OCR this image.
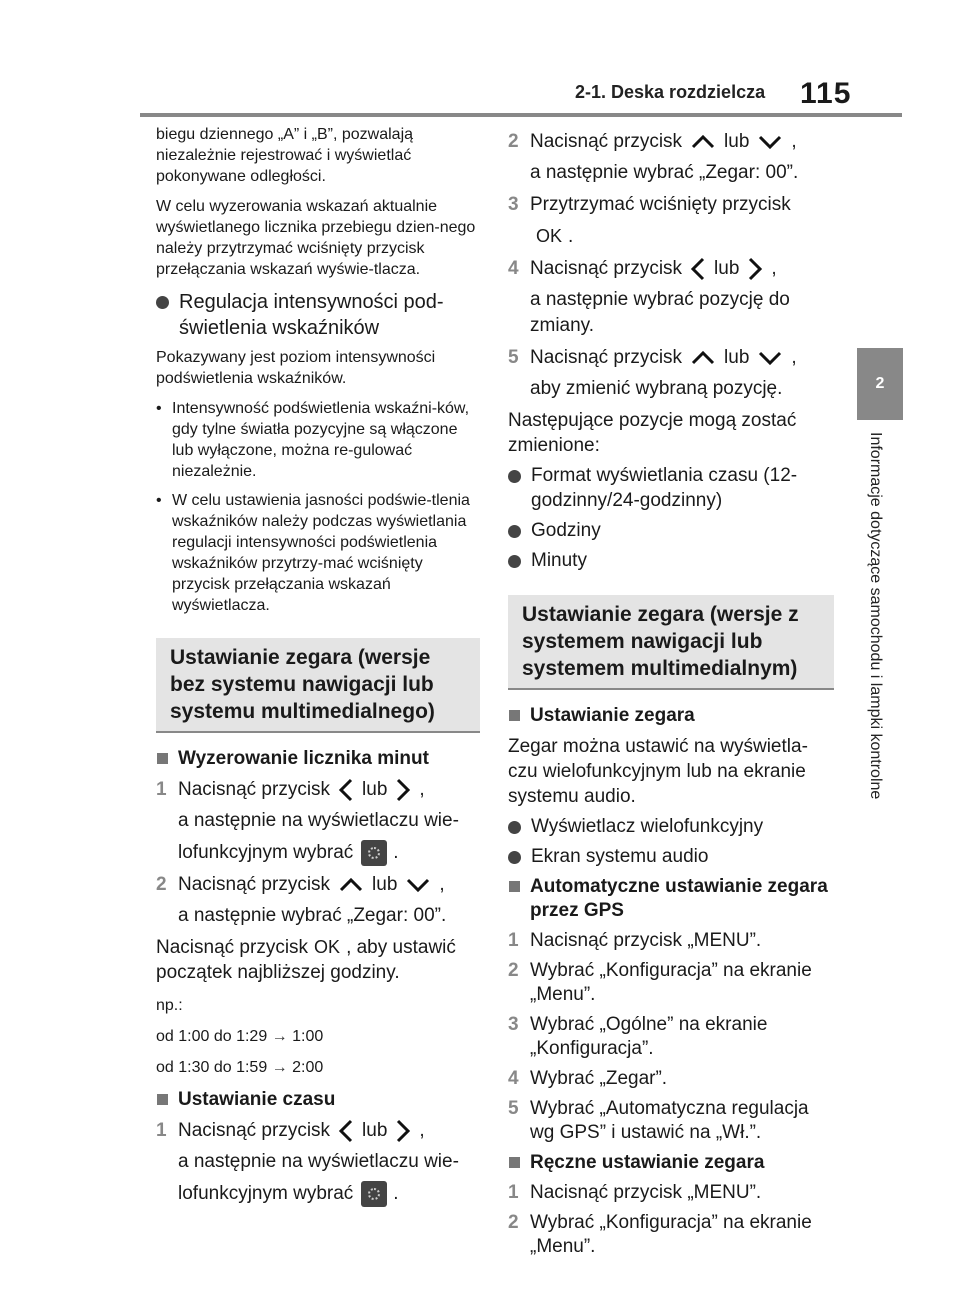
2-1. Deska rozdzielcza 115
2
Informacje dotyczące samochodu i lampki kontrolne

biegu dziennego „A” i „B”, pozwalają niezależnie rejestrować i wyświetlać pokonywane odległości.

W celu wyzerowania wskazań aktualnie wyświetlanego licznika przebiegu dzien-nego należy przytrzymać wciśnięty przycisk przełączania wskazań wyświe-tlacza.

Regulacja intensywności pod-świetlenia wskaźników

Pokazywany jest poziom intensywności podświetlenia wskaźników.

• Intensywność podświetlenia wskaźni-ków, gdy tylne światła pozycyjne są włączone lub wyłączone, można re-gulować niezależnie.
• W celu ustawienia jasności podświe-tlenia wskaźników należy podczas wyświetlania regulacji intensywności podświetlenia wskaźników przytrzy-mać wciśnięty przycisk przełączania wskazań wyświetlacza.
Ustawianie zegara (wersje bez systemu nawigacji lub systemu multimedialnego)
Wyzerowanie licznika minut
1 Nacisnąć przycisk lub ,
a następnie na wyświetlaczu wie-
lofunkcyjnym wybrać .
2 Nacisnąć przycisk lub ,
a następnie wybrać „Zegar: 00”.

Nacisnąć przycisk OK , aby ustawić początek najbliższej godziny.

np.:

od 1:00 do 1:29 → 1:00

od 1:30 do 1:59 → 2:00

Ustawianie czasu
1 Nacisnąć przycisk lub ,
a następnie na wyświetlaczu wie-
lofunkcyjnym wybrać .
2 Nacisnąć przycisk lub ,
a następnie wybrać „Zegar: 00”.
3 Przytrzymać wciśnięty przycisk
OK .
4 Nacisnąć przycisk lub ,
a następnie wybrać pozycję do zmiany.
5 Nacisnąć przycisk lub ,
aby zmienić wybraną pozycję.

Następujące pozycje mogą zostać zmienione:

Format wyświetlania czasu (12-godzinny/24-godzinny)
Godziny
Minuty
Ustawianie zegara (wersje z systemem nawigacji lub systemem multimedialnym)
Ustawianie zegara

Zegar można ustawić na wyświetla-czu wielofunkcyjnym lub na ekranie systemu audio.

Wyświetlacz wielofunkcyjny
Ekran systemu audio
Automatyczne ustawianie zegara przez GPS
1 Nacisnąć przycisk „MENU”.
2 Wybrać „Konfiguracja” na ekranie „Menu”.
3 Wybrać „Ogólne” na ekranie „Konfiguracja”.
4 Wybrać „Zegar”.
5 Wybrać „Automatyczna regulacja wg GPS” i ustawić na „Wł.”.
Ręczne ustawianie zegara
1 Nacisnąć przycisk „MENU”.
2 Wybrać „Konfiguracja” na ekranie „Menu”.
